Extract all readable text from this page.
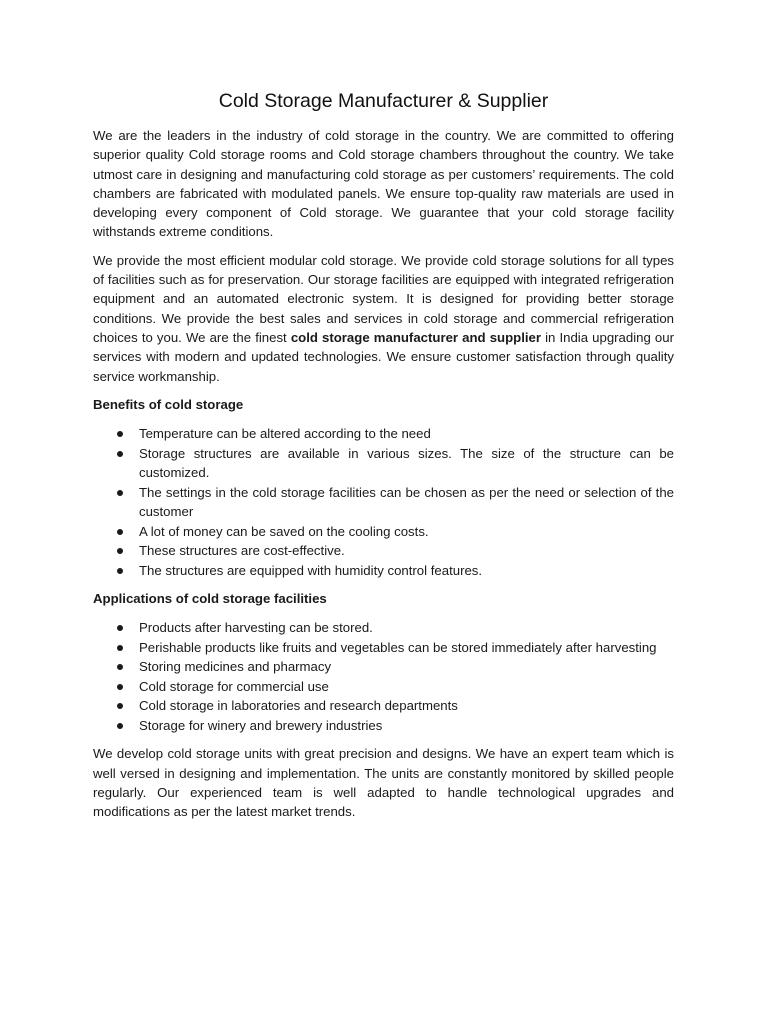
Cold Storage Manufacturer & Supplier

We are the leaders in the industry of cold storage in the country. We are committed to offering superior quality Cold storage rooms and Cold storage chambers throughout the country. We take utmost care in designing and manufacturing cold storage as per customers’ requirements. The cold chambers are fabricated with modulated panels. We ensure top-quality raw materials are used in developing every component of Cold storage. We guarantee that your cold storage facility withstands extreme conditions.

We provide the most efficient modular cold storage. We provide cold storage solutions for all types of facilities such as for preservation. Our storage facilities are equipped with integrated refrigeration equipment and an automated electronic system. It is designed for providing better storage conditions. We provide the best sales and services in cold storage and commercial refrigeration choices to you. We are the finest cold storage manufacturer and supplier in India upgrading our services with modern and updated technologies. We ensure customer satisfaction through quality service workmanship.

Benefits of cold storage
Temperature can be altered according to the need
Storage structures are available in various sizes. The size of the structure can be customized.
The settings in the cold storage facilities can be chosen as per the need or selection of the customer
A lot of money can be saved on the cooling costs.
These structures are cost-effective.
The structures are equipped with humidity control features.
Applications of cold storage facilities
Products after harvesting can be stored.
Perishable products like fruits and vegetables can be stored immediately after harvesting
Storing medicines and pharmacy
Cold storage for commercial use
Cold storage in laboratories and research departments
Storage for winery and brewery industries

We develop cold storage units with great precision and designs. We have an expert team which is well versed in designing and implementation. The units are constantly monitored by skilled people regularly. Our experienced team is well adapted to handle technological upgrades and modifications as per the latest market trends.
